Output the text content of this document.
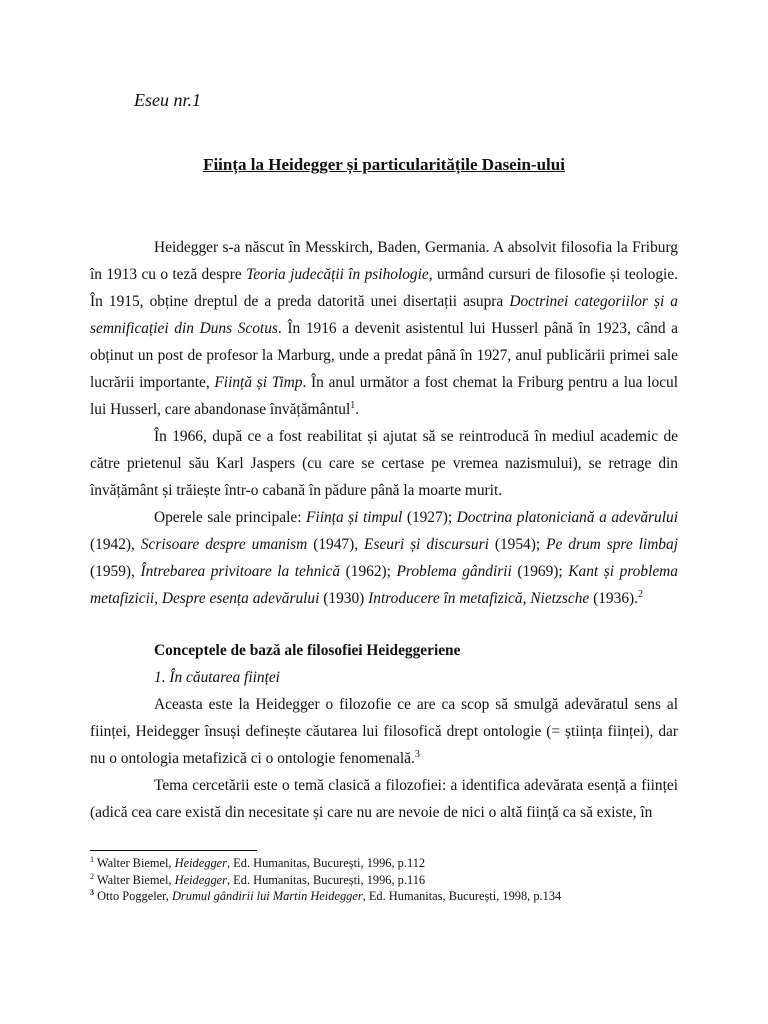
Eseu nr.1
Ființa la Heidegger și particularitățile Dasein-ului

Heidegger s-a născut în Messkirch, Baden, Germania. A absolvit filosofia la Friburg în 1913 cu o teză despre Teoria judecății în psihologie, urmând cursuri de filosofie și teologie. În 1915, obține dreptul de a preda datorită unei disertații asupra Doctrinei categoriilor și a semnificației din Duns Scotus. În 1916 a devenit asistentul lui Husserl până în 1923, când a obținut un post de profesor la Marburg, unde a predat până în 1927, anul publicării primei sale lucrării importante, Ființă și Timp. În anul următor a fost chemat la Friburg pentru a lua locul lui Husserl, care abandonase învățământul$^1$.

În 1966, după ce a fost reabilitat și ajutat să se reintroducă în mediul academic de către prietenul său Karl Jaspers (cu care se certase pe vremea nazismului), se retrage din învățământ și trăiește într-o cabană în pădure până la moarte murit.

Operele sale principale: Ființa și timpul (1927); Doctrina platoniciană a adevărului (1942), Scrisoare despre umanism (1947), Eseuri și discursuri (1954); Pe drum spre limbaj (1959), Întrebarea privitoare la tehnică (1962); Problema gândirii (1969); Kant și problema metafizicii, Despre esența adevărului (1930) Introducere în metafizică, Nietzsche (1936).$^2$

Conceptele de bază ale filosofiei Heideggeriene
1. În căutarea ființei

Aceasta este la Heidegger o filozofie ce are ca scop să smulgă adevăratul sens al ființei, Heidegger însuși definește căutarea lui filosofică drept ontologie (= știința ființei), dar nu o ontologia metafizică ci o ontologie fenomenală.$^3$

Tema cercetării este o temă clasică a filozofiei: a identifica adevărata esență a ființei (adică cea care există din necesitate și care nu are nevoie de nici o altă ființă ca să existe, în

$^1$ Walter Biemel, Heidegger, Ed. Humanitas, București, 1996, p.112
$^2$ Walter Biemel, Heidegger, Ed. Humanitas, București, 1996, p.116
$^3$ Otto Poggeler, Drumul gândirii lui Martin Heidegger, Ed. Humanitas, București, 1998, p.134
